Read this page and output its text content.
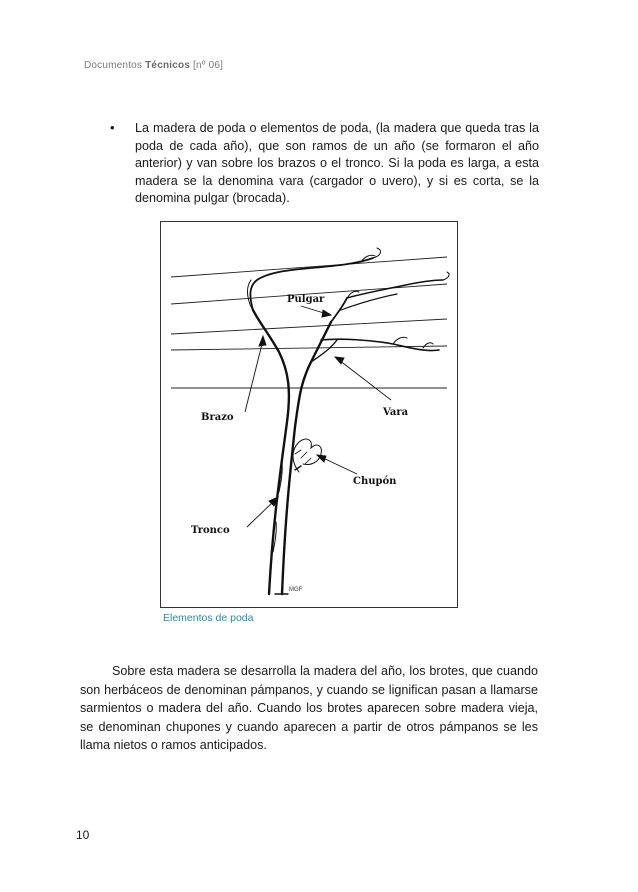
Documentos Técnicos [nº 06]
• La madera de poda o elementos de poda, (la madera que queda tras la poda de cada año), que son ramos de un año (se formaron el año anterior) y van sobre los brazos o el tronco. Si la poda es larga, a esta madera se la denomina vara (cargador o uvero), y si es corta, se la denomina pulgar (brocada).
Pulgar
Brazo	Vara
Chupón
Tronco
MGF
Elementos de poda
Sobre esta madera se desarrolla la madera del año, los brotes, que cuando son herbáceos de denominan pámpanos, y cuando se lignifican pasan a llamarse sarmientos o madera del año. Cuando los brotes aparecen sobre madera vieja, se denominan chupones y cuando aparecen a partir de otros pámpanos se les llama nietos o ramos anticipados.
10
